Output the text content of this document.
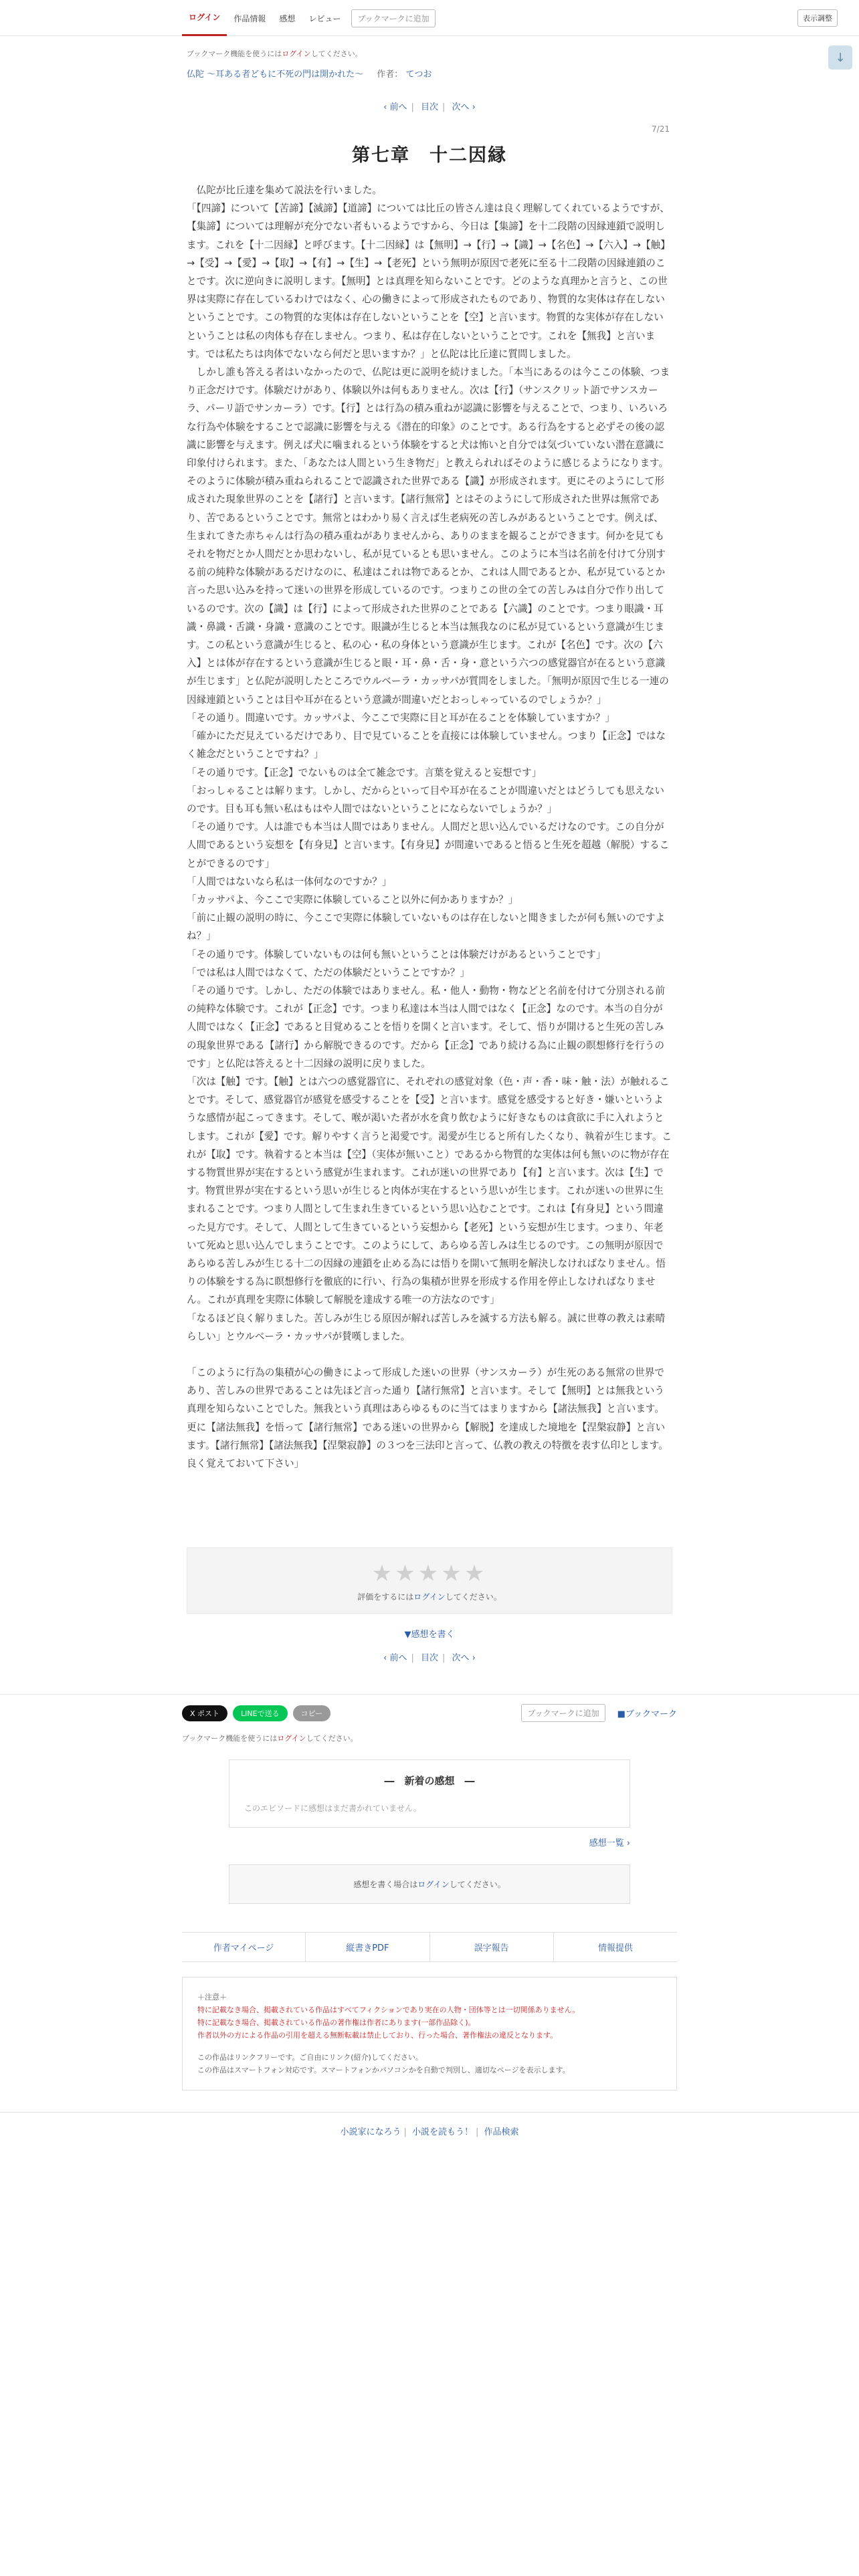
ログイン	作品情報	感想	レビュー	ブックマークに追加	表示調整
↓
ブックマーク機能を使うにはログインしてください。
仏陀 〜耳ある者どもに不死の門は開かれた〜 作者： てつお
‹ 前へ | 目次 | 次へ ›
7/21
第七章　十二因縁

　仏陀が比丘達を集めて説法を行いました。

「【四諦】について【苦諦】【滅諦】【道諦】については比丘の皆さん達は良く理解してくれているようですが、【集諦】については理解が充分でない者もいるようですから、今日は【集諦】を十二段階の因縁連鎖で説明します。これを【十二因縁】と呼びます。【十二因縁】は【無明】→【行】→【識】→【名色】→【六入】→【触】→【受】→【愛】→【取】→【有】→【生】→【老死】という無明が原因で老死に至る十二段階の因縁連鎖のことです。次に逆向きに説明します。【無明】とは真理を知らないことです。どのような真理かと言うと、この世界は実際に存在しているわけではなく、心の働きによって形成されたものであり、物質的な実体は存在しないということです。この物質的な実体は存在しないということを【空】と言います。物質的な実体が存在しないということは私の肉体も存在しません。つまり、私は存在しないということです。これを【無我】と言います。では私たちは肉体でないなら何だと思いますか？」と仏陀は比丘達に質問しました。

　しかし誰も答える者はいなかったので、仏陀は更に説明を続けました。「本当にあるのは今ここの体験、つまり正念だけです。体験だけがあり、体験以外は何もありません。次は【行】（サンスクリット語でサンスカーラ、パーリ語でサンカーラ）です。【行】とは行為の積み重ねが認識に影響を与えることで、つまり、いろいろな行為や体験をすることで認識に影響を与える《潜在的印象》のことです。ある行為をすると必ずその後の認識に影響を与えます。例えば犬に噛まれるという体験をすると犬は怖いと自分では気づいていない潜在意識に印象付けられます。また、「あなたは人間という生き物だ」と教えられればそのように感じるようになります。そのように体験が積み重ねられることで認識された世界である【識】が形成されます。更にそのようにして形成された現象世界のことを【諸行】と言います。【諸行無常】とはそのようにして形成された世界は無常であり、苦であるということです。無常とはわかり易く言えば生老病死の苦しみがあるということです。例えば、生まれてきた赤ちゃんは行為の積み重ねがありませんから、ありのままを観ることができます。何かを見てもそれを物だとか人間だとか思わないし、私が見ているとも思いません。このように本当は名前を付けて分別する前の純粋な体験があるだけなのに、私達はこれは物であるとか、これは人間であるとか、私が見ているとか言った思い込みを持って迷いの世界を形成しているのです。つまりこの世の全ての苦しみは自分で作り出しているのです。次の【識】は【行】によって形成された世界のことである【六識】のことです。つまり眼識・耳識・鼻識・舌識・身識・意識のことです。眼識が生じると本当は無我なのに私が見ているという意識が生じます。この私という意識が生じると、私の心・私の身体という意識が生じます。これが【名色】です。次の【六入】とは体が存在するという意識が生じると眼・耳・鼻・舌・身・意という六つの感覚器官が在るという意識が生じます」と仏陀が説明したところでウルベーラ・カッサパが質問をしました。「無明が原因で生じる一連の因縁連鎖ということは目や耳が在るという意識が間違いだとおっしゃっているのでしょうか？」

「その通り。間違いです。カッサパよ、今ここで実際に目と耳が在ることを体験していますか？」

「確かにただ見えているだけであり、目で見ていることを直接には体験していません。つまり【正念】ではなく雑念だということですね？」

「その通りです。【正念】でないものは全て雑念です。言葉を覚えると妄想です」

「おっしゃることは解ります。しかし、だからといって目や耳が在ることが間違いだとはどうしても思えないのです。目も耳も無い私はもはや人間ではないということにならないでしょうか？」

「その通りです。人は誰でも本当は人間ではありません。人間だと思い込んでいるだけなのです。この自分が人間であるという妄想を【有身見】と言います。【有身見】が間違いであると悟ると生死を超越（解脱）することができるのです」

「人間ではないなら私は一体何なのですか？」

「カッサパよ、今ここで実際に体験していること以外に何かありますか？」

「前に止観の説明の時に、今ここで実際に体験していないものは存在しないと聞きましたが何も無いのですよね？」

「その通りです。体験していないものは何も無いということは体験だけがあるということです」

「では私は人間ではなくて、ただの体験だということですか？」

「その通りです。しかし、ただの体験ではありません。私・他人・動物・物などと名前を付けて分別される前の純粋な体験です。これが【正念】です。つまり私達は本当は人間ではなく【正念】なのです。本当の自分が人間ではなく【正念】であると目覚めることを悟りを開くと言います。そして、悟りが開けると生死の苦しみの現象世界である【諸行】から解脱できるのです。だから【正念】であり続ける為に止観の瞑想修行を行うのです」と仏陀は答えると十二因縁の説明に戻りました。

「次は【触】です。【触】とは六つの感覚器官に、それぞれの感覚対象（色・声・香・味・触・法）が触れることです。そして、感覚器官が感覚を感受することを【受】と言います。感覚を感受すると好き・嫌いというような感情が起こってきます。そして、喉が渇いた者が水を貪り飲むように好きなものは貪欲に手に入れようとします。これが【愛】です。解りやすく言うと渇愛です。渇愛が生じると所有したくなり、執着が生じます。これが【取】です。執着すると本当は【空】（実体が無いこと）であるから物質的な実体は何も無いのに物が存在する物質世界が実在するという感覚が生まれます。これが迷いの世界であり【有】と言います。次は【生】です。物質世界が実在するという思いが生じると肉体が実在するという思いが生じます。これが迷いの世界に生まれることです。つまり人間として生まれ生きているという思い込むことです。これは【有身見】という間違った見方です。そして、人間として生きているという妄想から【老死】という妄想が生じます。つまり、年老いて死ぬと思い込んでしまうことです。このようにして、あらゆる苦しみは生じるのです。この無明が原因であらゆる苦しみが生じる十二の因縁の連鎖を止める為には悟りを開いて無明を解決しなければなりません。悟りの体験をする為に瞑想修行を徹底的に行い、行為の集積が世界を形成する作用を停止しなければなりません。これが真理を実際に体験して解脱を達成する唯一の方法なのです」

「なるほど良く解りました。苦しみが生じる原因が解れば苦しみを滅する方法も解る。誠に世尊の教えは素晴らしい」とウルベーラ・カッサパが賛嘆しました。

「このように行為の集積が心の働きによって形成した迷いの世界（サンスカーラ）が生死のある無常の世界であり、苦しみの世界であることは先ほど言った通り【諸行無常】と言います。そして【無明】とは無我という真理を知らないことでした。無我という真理はあらゆるものに当てはまりますから【諸法無我】と言います。更に【諸法無我】を悟って【諸行無常】である迷いの世界から【解脱】を達成した境地を【涅槃寂静】と言います。【諸行無常】【諸法無我】【涅槃寂静】の３つを三法印と言って、仏教の教えの特徴を表す仏印とします。良く覚えておいて下さい」

★★★★★
評価をするにはログインしてください。
▼感想を書く
‹ 前へ | 目次 | 次へ ›
X ポスト	LINEで送る	コピー	ブックマークに追加	■ブックマーク
ブックマーク機能を使うにはログインしてください。
―　新着の感想　―
このエピソードに感想はまだ書かれていません。
感想一覧 ›
感想を書く場合はログインしてください。
作者マイページ	縦書きPDF	誤字報告	情報提供
＋注意＋
特に記載なき場合、掲載されている作品はすべてフィクションであり実在の人物・団体等とは一切関係ありません。
特に記載なき場合、掲載されている作品の著作権は作者にあります(一部作品除く)。
作者以外の方による作品の引用を超える無断転載は禁止しており、行った場合、著作権法の違反となります。
この作品はリンクフリーです。ご自由にリンク(紹介)してください。
この作品はスマートフォン対応です。スマートフォンかパソコンかを自動で判別し、適切なページを表示します。
小説家になろう | 小説を読もう！ | 作品検索
